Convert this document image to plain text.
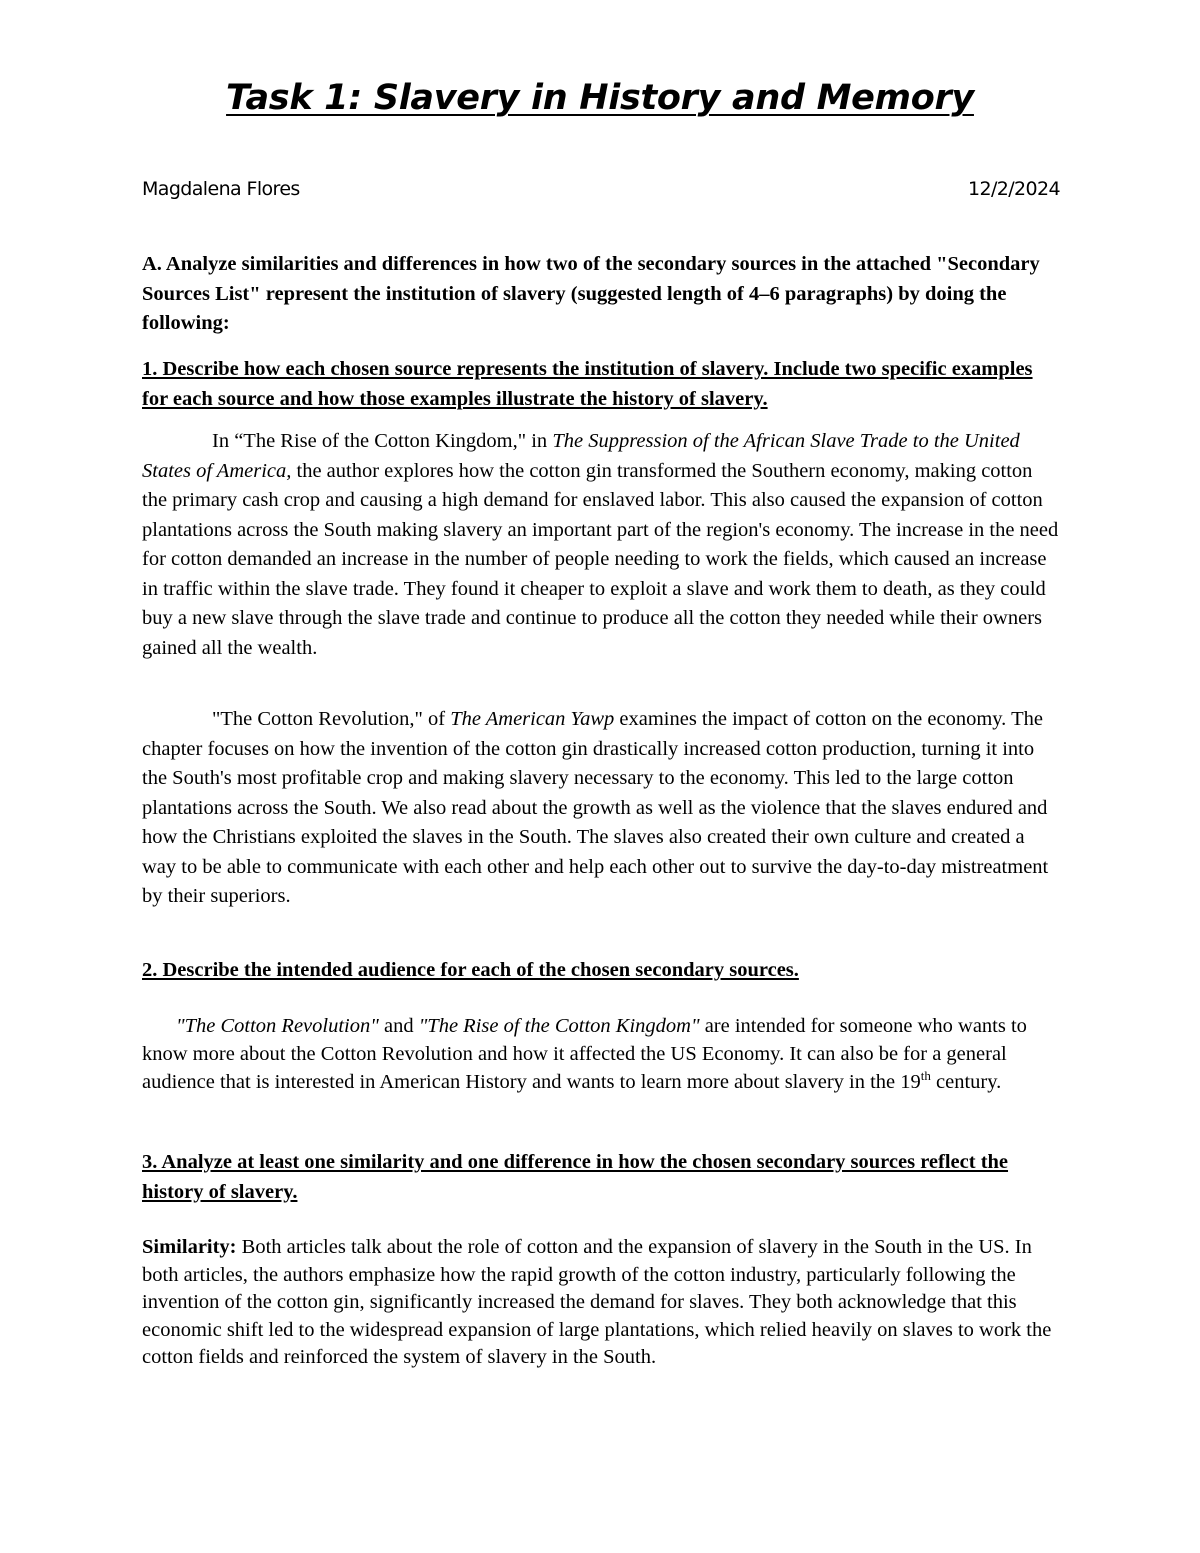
Task 1: Slavery in History and Memory
Magdalena Flores	12/2/2024

A. Analyze similarities and differences in how two of the secondary sources in the attached "Secondary Sources List" represent the institution of slavery (suggested length of 4–6 paragraphs) by doing the following:

1. Describe how each chosen source represents the institution of slavery. Include two specific examples for each source and how those examples illustrate the history of slavery.

In “The Rise of the Cotton Kingdom," in The Suppression of the African Slave Trade to the United States of America, the author explores how the cotton gin transformed the Southern economy, making cotton the primary cash crop and causing a high demand for enslaved labor. This also caused the expansion of cotton plantations across the South making slavery an important part of the region's economy. The increase in the need for cotton demanded an increase in the number of people needing to work the fields, which caused an increase in traffic within the slave trade. They found it cheaper to exploit a slave and work them to death, as they could buy a new slave through the slave trade and continue to produce all the cotton they needed while their owners gained all the wealth.

"The Cotton Revolution," of The American Yawp examines the impact of cotton on the economy. The chapter focuses on how the invention of the cotton gin drastically increased cotton production, turning it into the South's most profitable crop and making slavery necessary to the economy. This led to the large cotton plantations across the South. We also read about the growth as well as the violence that the slaves endured and how the Christians exploited the slaves in the South. The slaves also created their own culture and created a way to be able to communicate with each other and help each other out to survive the day-to-day mistreatment by their superiors.

2. Describe the intended audience for each of the chosen secondary sources.

"The Cotton Revolution" and "The Rise of the Cotton Kingdom" are intended for someone who wants to know more about the Cotton Revolution and how it affected the US Economy. It can also be for a general audience that is interested in American History and wants to learn more about slavery in the 19th century.

3. Analyze at least one similarity and one difference in how the chosen secondary sources reflect the history of slavery.

Similarity: Both articles talk about the role of cotton and the expansion of slavery in the South in the US. In both articles, the authors emphasize how the rapid growth of the cotton industry, particularly following the invention of the cotton gin, significantly increased the demand for slaves. They both acknowledge that this economic shift led to the widespread expansion of large plantations, which relied heavily on slaves to work the cotton fields and reinforced the system of slavery in the South.
